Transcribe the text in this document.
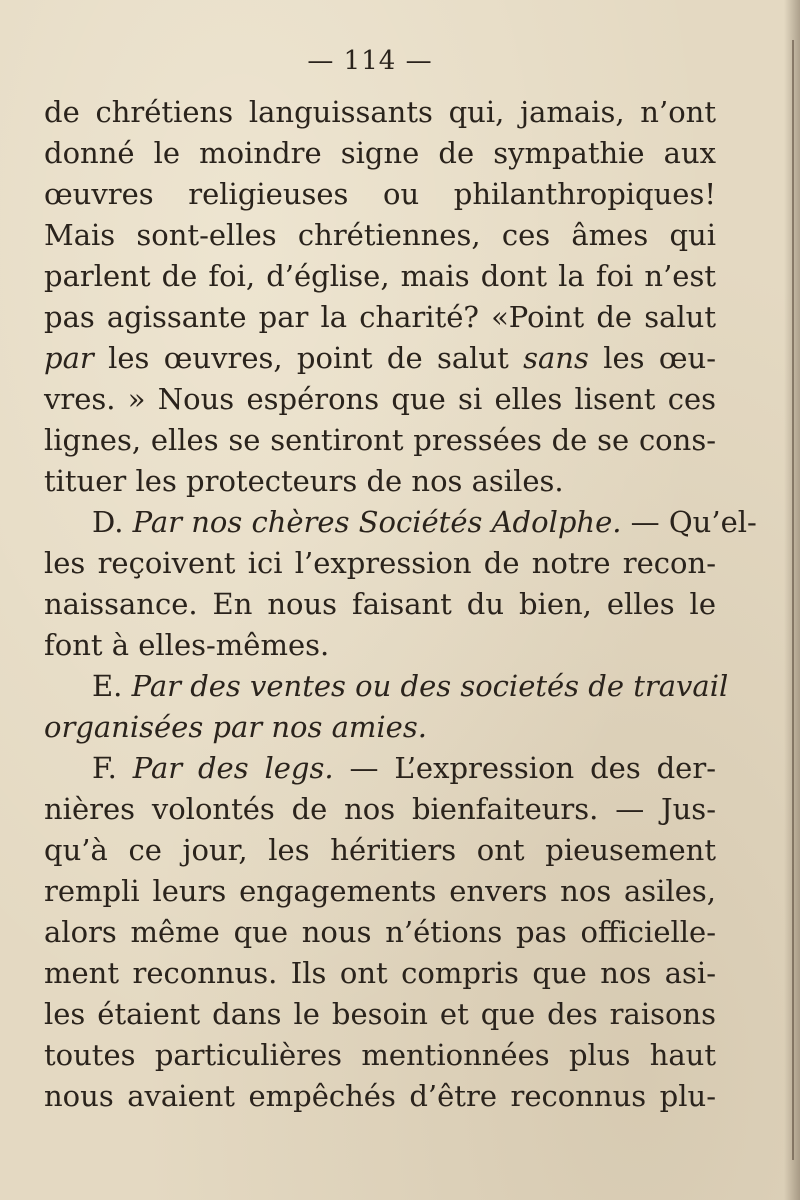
— 114 —
de chrétiens languissants qui, jamais, n’ont
donné le moindre signe de sympathie aux
œuvres religieuses ou philanthropiques!
Mais sont-elles chrétiennes, ces âmes qui
parlent de foi, d’église, mais dont la foi n’est
pas agissante par la charité? «Point de salut
par les œuvres, point de salut sans les œu-
vres. » Nous espérons que si elles lisent ces
lignes, elles se sentiront pressées de se cons-
tituer les protecteurs de nos asiles.
D. Par nos chères Sociétés Adolphe. — Qu’el-
les reçoivent ici l’expression de notre recon-
naissance. En nous faisant du bien, elles le
font à elles-mêmes.
E. Par des ventes ou des societés de travail
organisées par nos amies.
F. Par des legs. — L’expression des der-
nières volontés de nos bienfaiteurs. — Jus-
qu’à ce jour, les héritiers ont pieusement
rempli leurs engagements envers nos asiles,
alors même que nous n’étions pas officielle-
ment reconnus. Ils ont compris que nos asi-
les étaient dans le besoin et que des raisons
toutes particulières mentionnées plus haut
nous avaient empêchés d’être reconnus plu-
